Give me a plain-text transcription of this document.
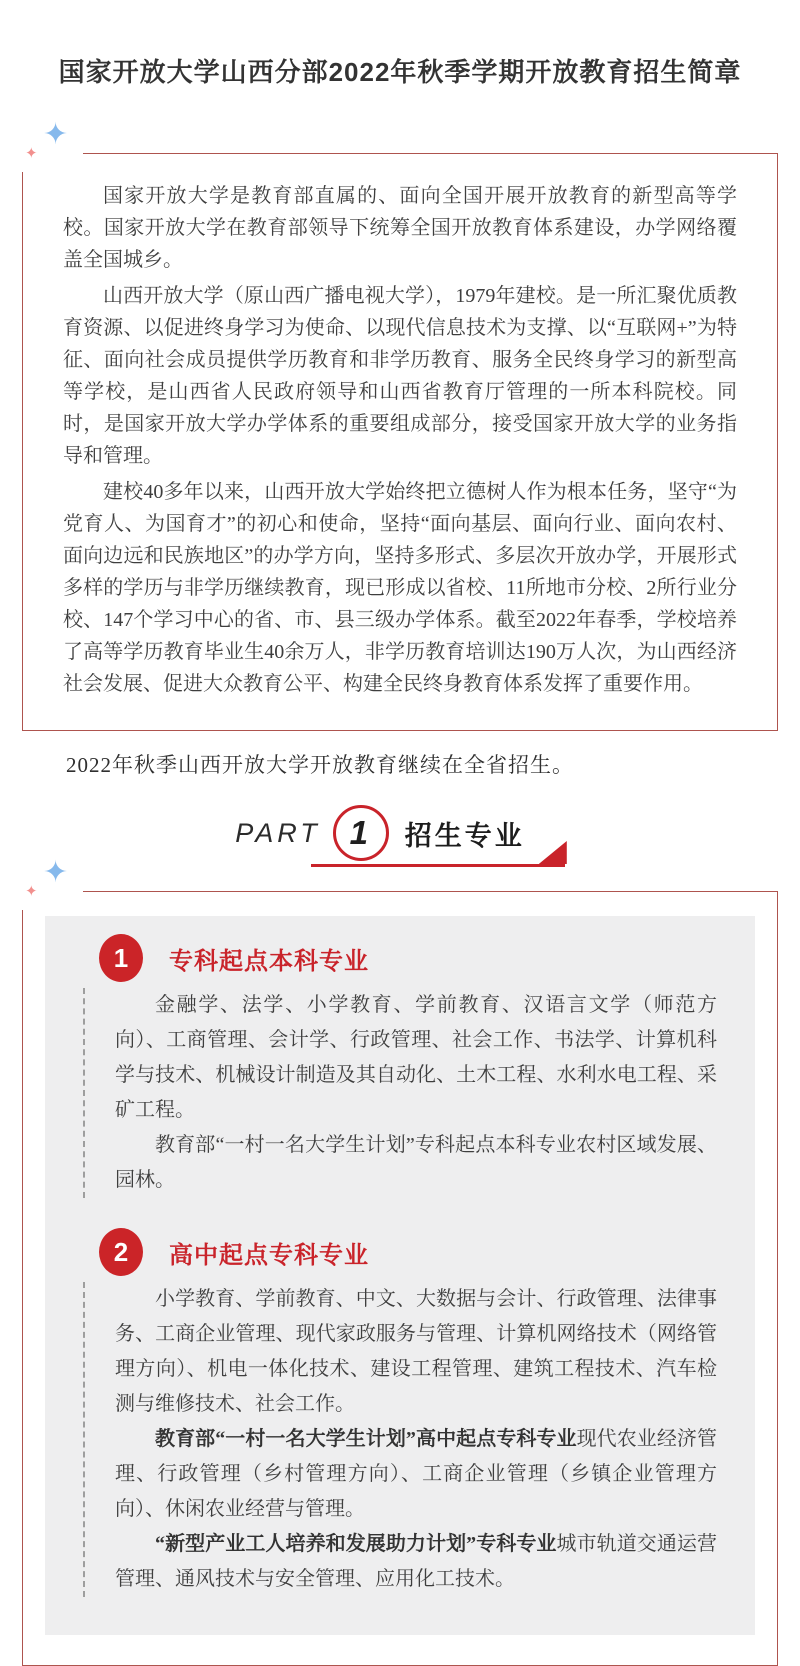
国家开放大学山西分部2022年秋季学期开放教育招生简章
✦
✦

国家开放大学是教育部直属的、面向全国开展开放教育的新型高等学校。国家开放大学在教育部领导下统筹全国开放教育体系建设，办学网络覆盖全国城乡。

山西开放大学（原山西广播电视大学），1979年建校。是一所汇聚优质教育资源、以促进终身学习为使命、以现代信息技术为支撑、以“互联网+”为特征、面向社会成员提供学历教育和非学历教育、服务全民终身学习的新型高等学校，是山西省人民政府领导和山西省教育厅管理的一所本科院校。同时，是国家开放大学办学体系的重要组成部分，接受国家开放大学的业务指导和管理。

建校40多年以来，山西开放大学始终把立德树人作为根本任务，坚守“为党育人、为国育才”的初心和使命，坚持“面向基层、面向行业、面向农村、面向边远和民族地区”的办学方向，坚持多形式、多层次开放办学，开展形式多样的学历与非学历继续教育，现已形成以省校、11所地市分校、2所行业分校、147个学习中心的省、市、县三级办学体系。截至2022年春季，学校培养了高等学历教育毕业生40余万人，非学历教育培训达190万人次，为山西经济社会发展、促进大众教育公平、构建全民终身教育体系发挥了重要作用。

2022年秋季山西开放大学开放教育继续在全省招生。

PART 1 招生专业
✦
✦
1	专科起点本科专业

金融学、法学、小学教育、学前教育、汉语言文学（师范方向）、工商管理、会计学、行政管理、社会工作、书法学、计算机科学与技术、机械设计制造及其自动化、土木工程、水利水电工程、采矿工程。

教育部“一村一名大学生计划”专科起点本科专业农村区域发展、园林。

2	高中起点专科专业

小学教育、学前教育、中文、大数据与会计、行政管理、法律事务、工商企业管理、现代家政服务与管理、计算机网络技术（网络管理方向）、机电一体化技术、建设工程管理、建筑工程技术、汽车检测与维修技术、社会工作。

教育部“一村一名大学生计划”高中起点专科专业现代农业经济管理、行政管理（乡村管理方向）、工商企业管理（乡镇企业管理方向）、休闲农业经营与管理。

“新型产业工人培养和发展助力计划”专科专业城市轨道交通运营管理、通风技术与安全管理、应用化工技术。
